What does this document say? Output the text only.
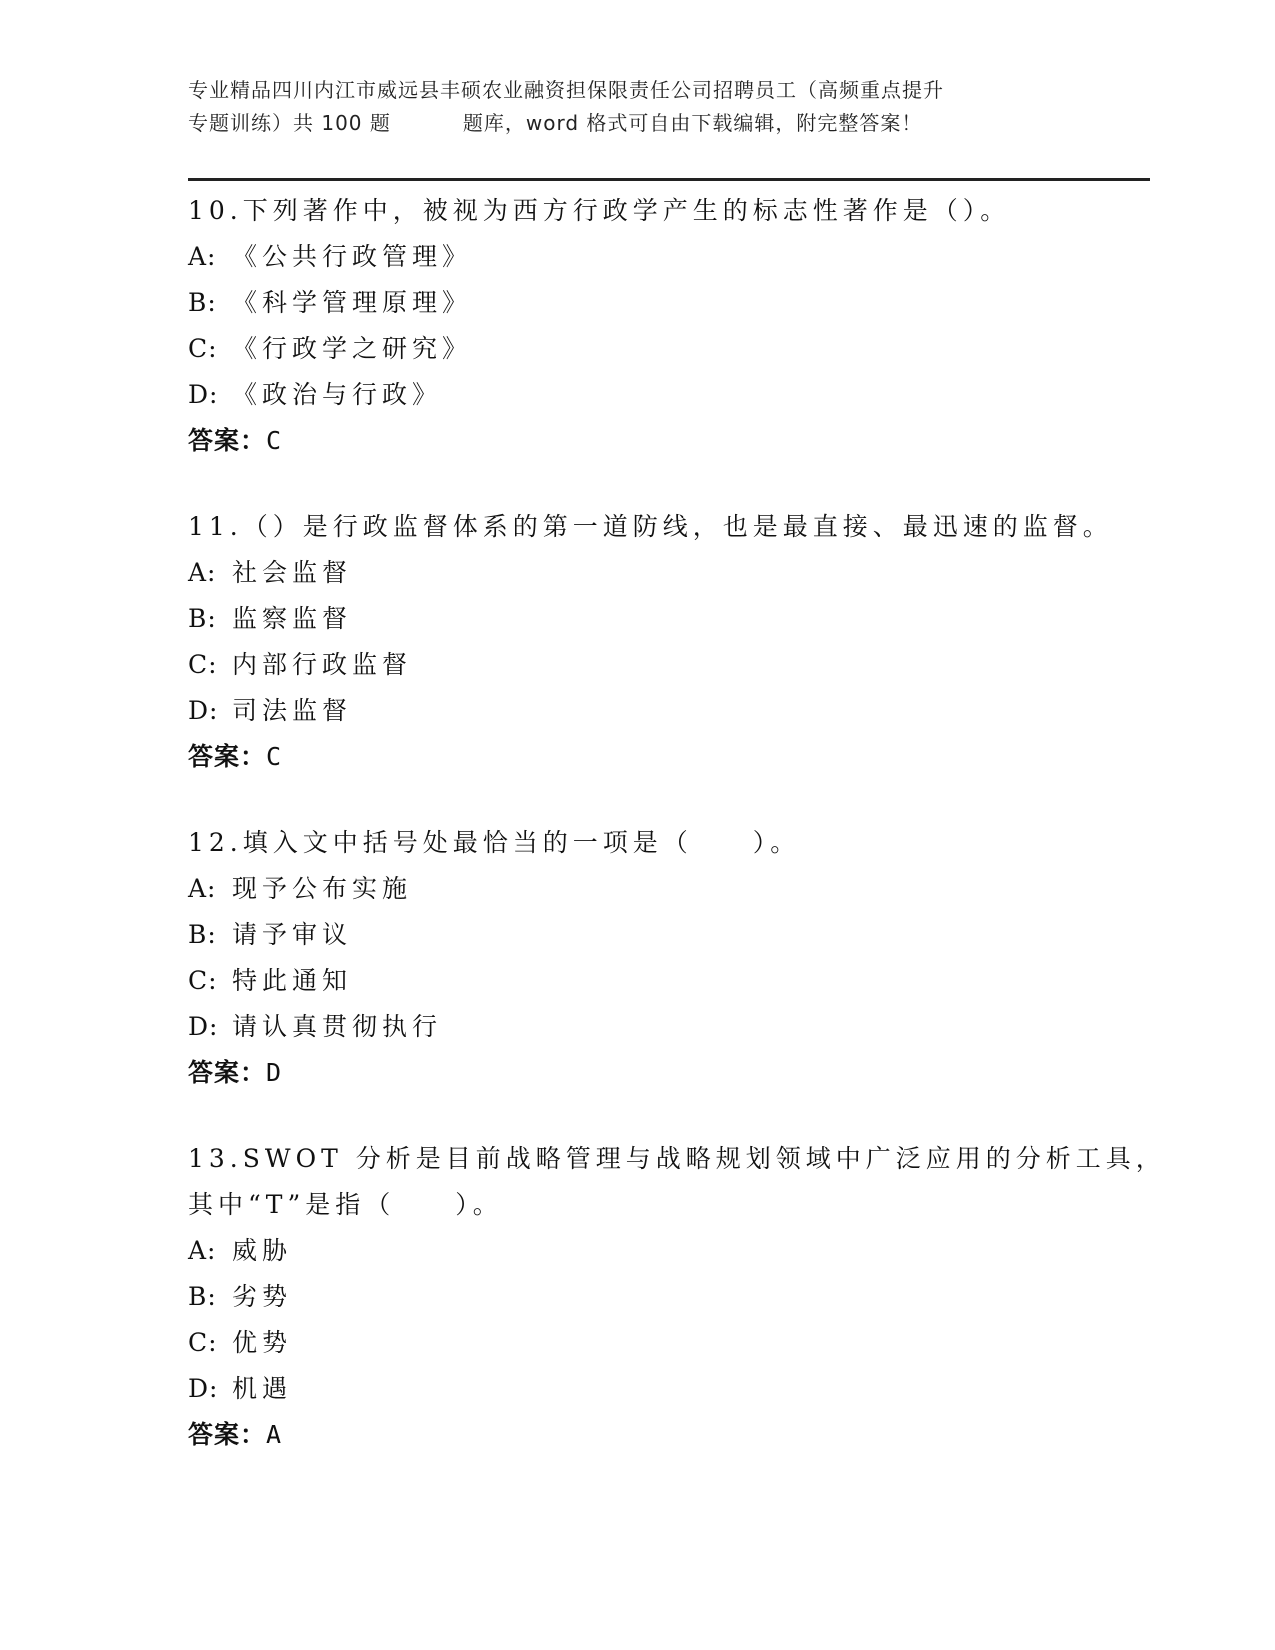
专业精品四川内江市威远县丰硕农业融资担保限责任公司招聘员工（高频重点提升
专题训练）共 100 题	题库，word 格式可自由下载编辑，附完整答案！
10.下列著作中，被视为西方行政学产生的标志性著作是（）。
A: 《公共行政管理》
B: 《科学管理原理》
C: 《行政学之研究》
D: 《政治与行政》
答案：C
11.（）是行政监督体系的第一道防线，也是最直接、最迅速的监督。
A: 社会监督
B: 监察监督
C: 内部行政监督
D: 司法监督
答案：C
12.填入文中括号处最恰当的一项是（　　）。
A: 现予公布实施
B: 请予审议
C: 特此通知
D: 请认真贯彻执行
答案：D
13.SWOT 分析是目前战略管理与战略规划领域中广泛应用的分析工具，
其中“T”是指（　　）。
A: 威胁
B: 劣势
C: 优势
D: 机遇
答案：A
